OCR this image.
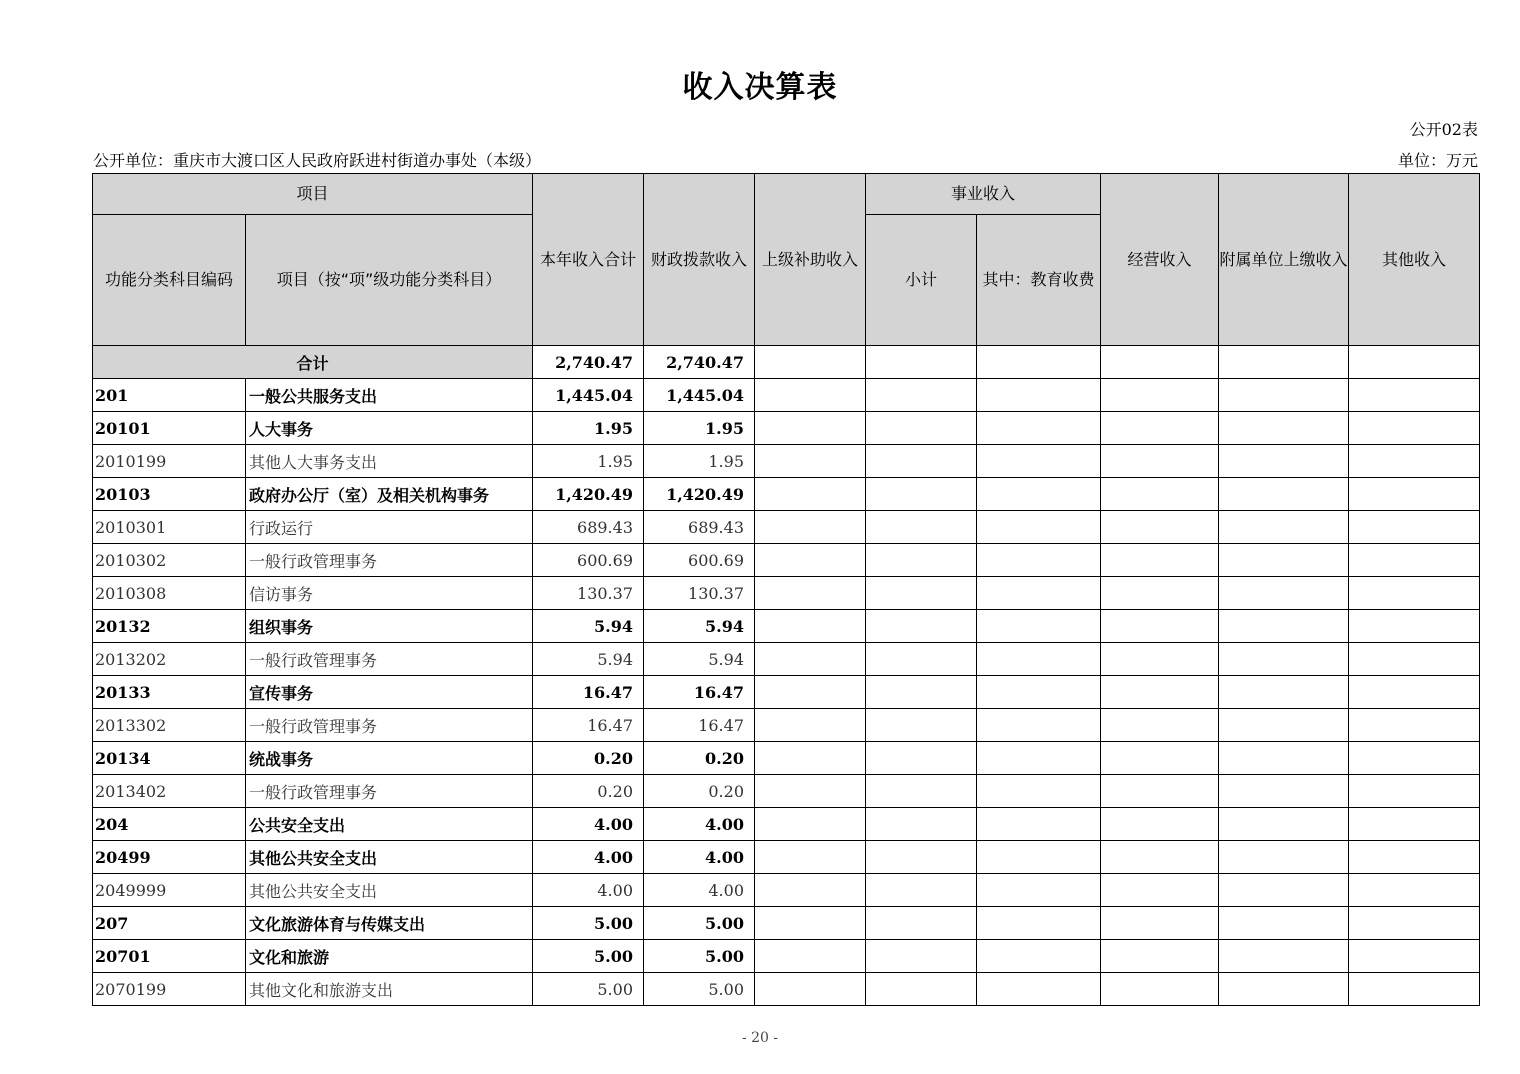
收入决算表
公开02表
公开单位：重庆市大渡口区人民政府跃进村街道办事处（本级）	单位：万元
项目		本年收入合计	财政拨款收入	上级补助收入	事业收入		经营收入	附属单位上缴收入	其他收入
功能分类科目编码	项目（按“项”级功能分类科目）				小计	其中：教育收费			
合计		2,740.47	2,740.47						
201	一般公共服务支出	1,445.04	1,445.04						
20101	人大事务	1.95	1.95						
2010199	其他人大事务支出	1.95	1.95						
20103	政府办公厅（室）及相关机构事务	1,420.49	1,420.49						
2010301	行政运行	689.43	689.43						
2010302	一般行政管理事务	600.69	600.69						
2010308	信访事务	130.37	130.37						
20132	组织事务	5.94	5.94						
2013202	一般行政管理事务	5.94	5.94						
20133	宣传事务	16.47	16.47						
2013302	一般行政管理事务	16.47	16.47						
20134	统战事务	0.20	0.20						
2013402	一般行政管理事务	0.20	0.20						
204	公共安全支出	4.00	4.00						
20499	其他公共安全支出	4.00	4.00						
2049999	其他公共安全支出	4.00	4.00						
207	文化旅游体育与传媒支出	5.00	5.00						
20701	文化和旅游	5.00	5.00						
2070199	其他文化和旅游支出	5.00	5.00						
- 20 -
